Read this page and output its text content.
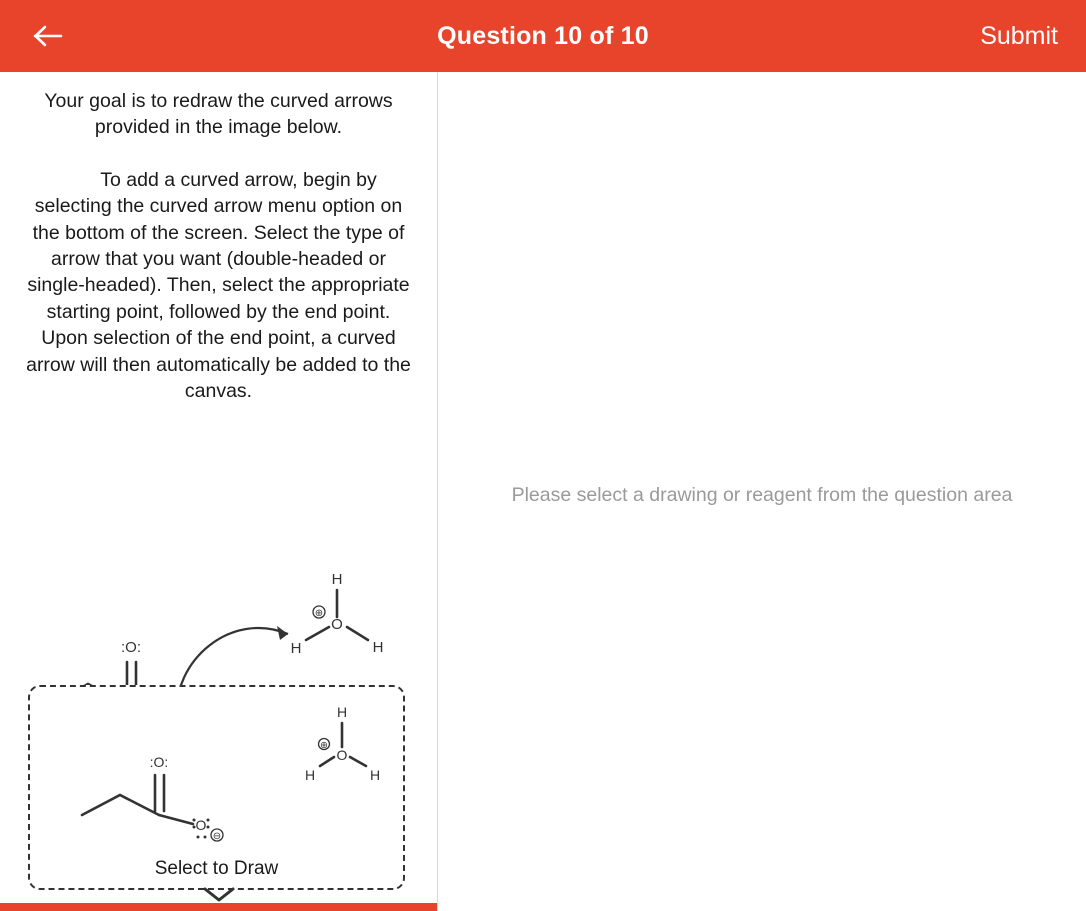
Question 10 of 10	Submit

Your goal is to redraw the curved arrows provided in the image below.

To add a curved arrow, begin by selecting the curved arrow menu option on the bottom of the screen. Select the type of arrow that you want (double-headed or single-headed). Then, select the appropriate starting point, followed by the end point. Upon selection of the end point, a curved arrow will then automatically be added to the canvas.

:O:
H
O
H	H
⊕
:O:
O
⊖
H
O
H	H
⊕
Select to Draw
Please select a drawing or reagent from the question area
